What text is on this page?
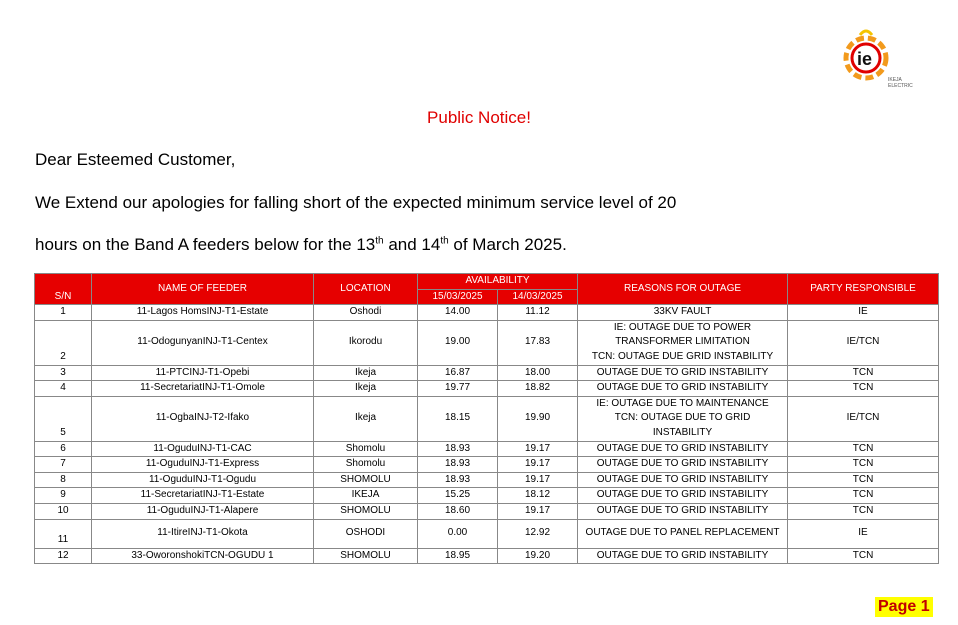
ie
IKEJA
ELECTRIC
Public Notice!
Dear Esteemed Customer,
We Extend our apologies for falling short of the expected minimum service level of 20
hours on the Band A feeders below for the 13th and 14th of March 2025.
S/N	NAME OF FEEDER	LOCATION	AVAILABILITY		REASONS FOR OUTAGE	PARTY RESPONSIBLE
			15/03/2025	14/03/2025		
1	11-Lagos HomsINJ-T1-Estate	Oshodi	14.00	11.12	33KV FAULT	IE
2	11-OdogunyanINJ-T1-Centex	Ikorodu	19.00	17.83	IE: OUTAGE DUE TO POWER
TRANSFORMER LIMITATION
TCN: OUTAGE DUE GRID INSTABILITY	IE/TCN
3	11-PTCINJ-T1-Opebi	Ikeja	16.87	18.00	OUTAGE DUE TO GRID INSTABILITY	TCN
4	11-SecretariatINJ-T1-Omole	Ikeja	19.77	18.82	OUTAGE DUE TO GRID INSTABILITY	TCN
5	11-OgbaINJ-T2-Ifako	Ikeja	18.15	19.90	IE: OUTAGE DUE TO MAINTENANCE
TCN: OUTAGE DUE TO GRID
INSTABILITY	IE/TCN
6	11-OguduINJ-T1-CAC	Shomolu	18.93	19.17	OUTAGE DUE TO GRID INSTABILITY	TCN
7	11-OguduINJ-T1-Express	Shomolu	18.93	19.17	OUTAGE DUE TO GRID INSTABILITY	TCN
8	11-OguduINJ-T1-Ogudu	SHOMOLU	18.93	19.17	OUTAGE DUE TO GRID INSTABILITY	TCN
9	11-SecretariatINJ-T1-Estate	IKEJA	15.25	18.12	OUTAGE DUE TO GRID INSTABILITY	TCN
10	11-OguduINJ-T1-Alapere	SHOMOLU	18.60	19.17	OUTAGE DUE TO GRID INSTABILITY	TCN
11	11-ItireINJ-T1-Okota	OSHODI	0.00	12.92	OUTAGE DUE TO PANEL REPLACEMENT	IE
12	33-OworonshokiTCN-OGUDU 1	SHOMOLU	18.95	19.20	OUTAGE DUE TO GRID INSTABILITY	TCN
Page 1
